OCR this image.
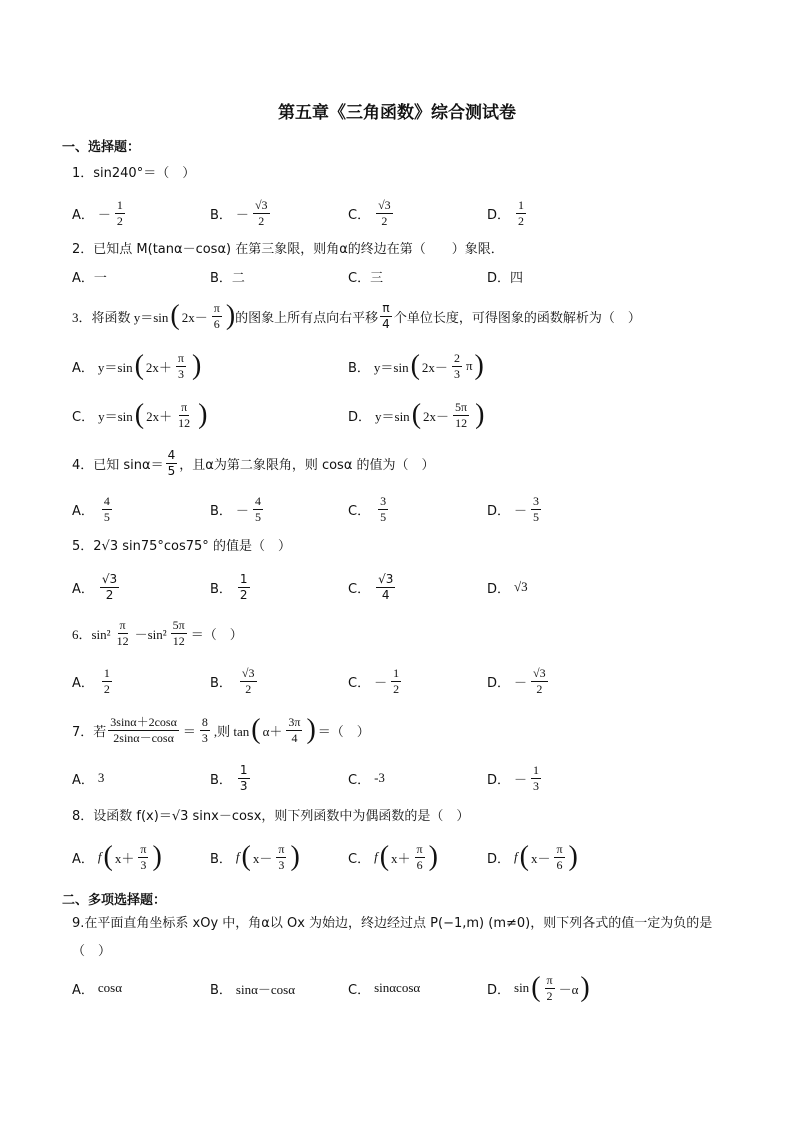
第五章《三角函数》综合测试卷
一、选择题：
1．sin240°＝（　）
A． － $\frac{1}{2}$	B． － $\frac{√3}{2}$	C． $\frac{√3}{2}$	D． $\frac{1}{2}$
2．已知点 M(tanα－cosα) 在第三象限，则角α的终边在第（　　）象限．
A．一	B．二	C．三	D．四
3．将函数 y＝sin ( $2x- \frac{\pi}{6}$ ) 的图象上所有点向右平移 $\frac{\pi}{4}$ 个单位长度，可得图象的函数解析为（　）
A． y＝sin ( $2x+ \frac{\pi}{3}$ )	B． y＝sin ( $2x- \frac{2}{3}$ π )
C． y＝sin ( $2x+ \frac{\pi}{12}$ )	D． y＝sin ( $2x- \frac{5\pi}{12}$ )
4．已知 $\sin\alpha= \frac{4}{5}$ ，且α为第二象限角，则 cosα 的值为（　）
A． $\frac{4}{5}$	B． － $\frac{4}{5}$	C． $\frac{3}{5}$	D． － $\frac{3}{5}$
5．2√3 sin75°cos75° 的值是（　）
A． $\frac{√3}{2}$	B． $\frac{1}{2}$	C． $\frac{√3}{4}$	D． √3
6．$\sin^2 \frac{\pi}{12} -\sin^2 \frac{5\pi}{12}$ ＝（　）
A． $\frac{1}{2}$	B． $\frac{√3}{2}$	C． － $\frac{1}{2}$	D． － $\frac{√3}{2}$
7．若 $\frac{3\sin\alpha+2\cos\alpha}{2\sin\alpha-\cos\alpha} = \frac{8}{3}$ ,则 tan ( $\alpha+ \frac{3\pi}{4}$ ) ＝（　）
A． 3	B． $\frac{1}{3}$	C． -3	D． － $\frac{1}{3}$
8．设函数 f(x)＝√3 sinx－cosx，则下列函数中为偶函数的是（　）
A． f ( $x+ \frac{\pi}{3}$ )	B． f ( $x- \frac{\pi}{3}$ )	C． f ( $x+ \frac{\pi}{6}$ )	D． f ( $x- \frac{\pi}{6}$ )
二、多项选择题：
9.在平面直角坐标系 xOy 中，角α以 Ox 为始边，终边经过点 P(−1,m) (m≠0)，则下列各式的值一定为负的是（　）
A． cosα	B． sinα－cosα	C． sinαcosα	D． sin ( $\frac{\pi}{2} -\alpha$ )
